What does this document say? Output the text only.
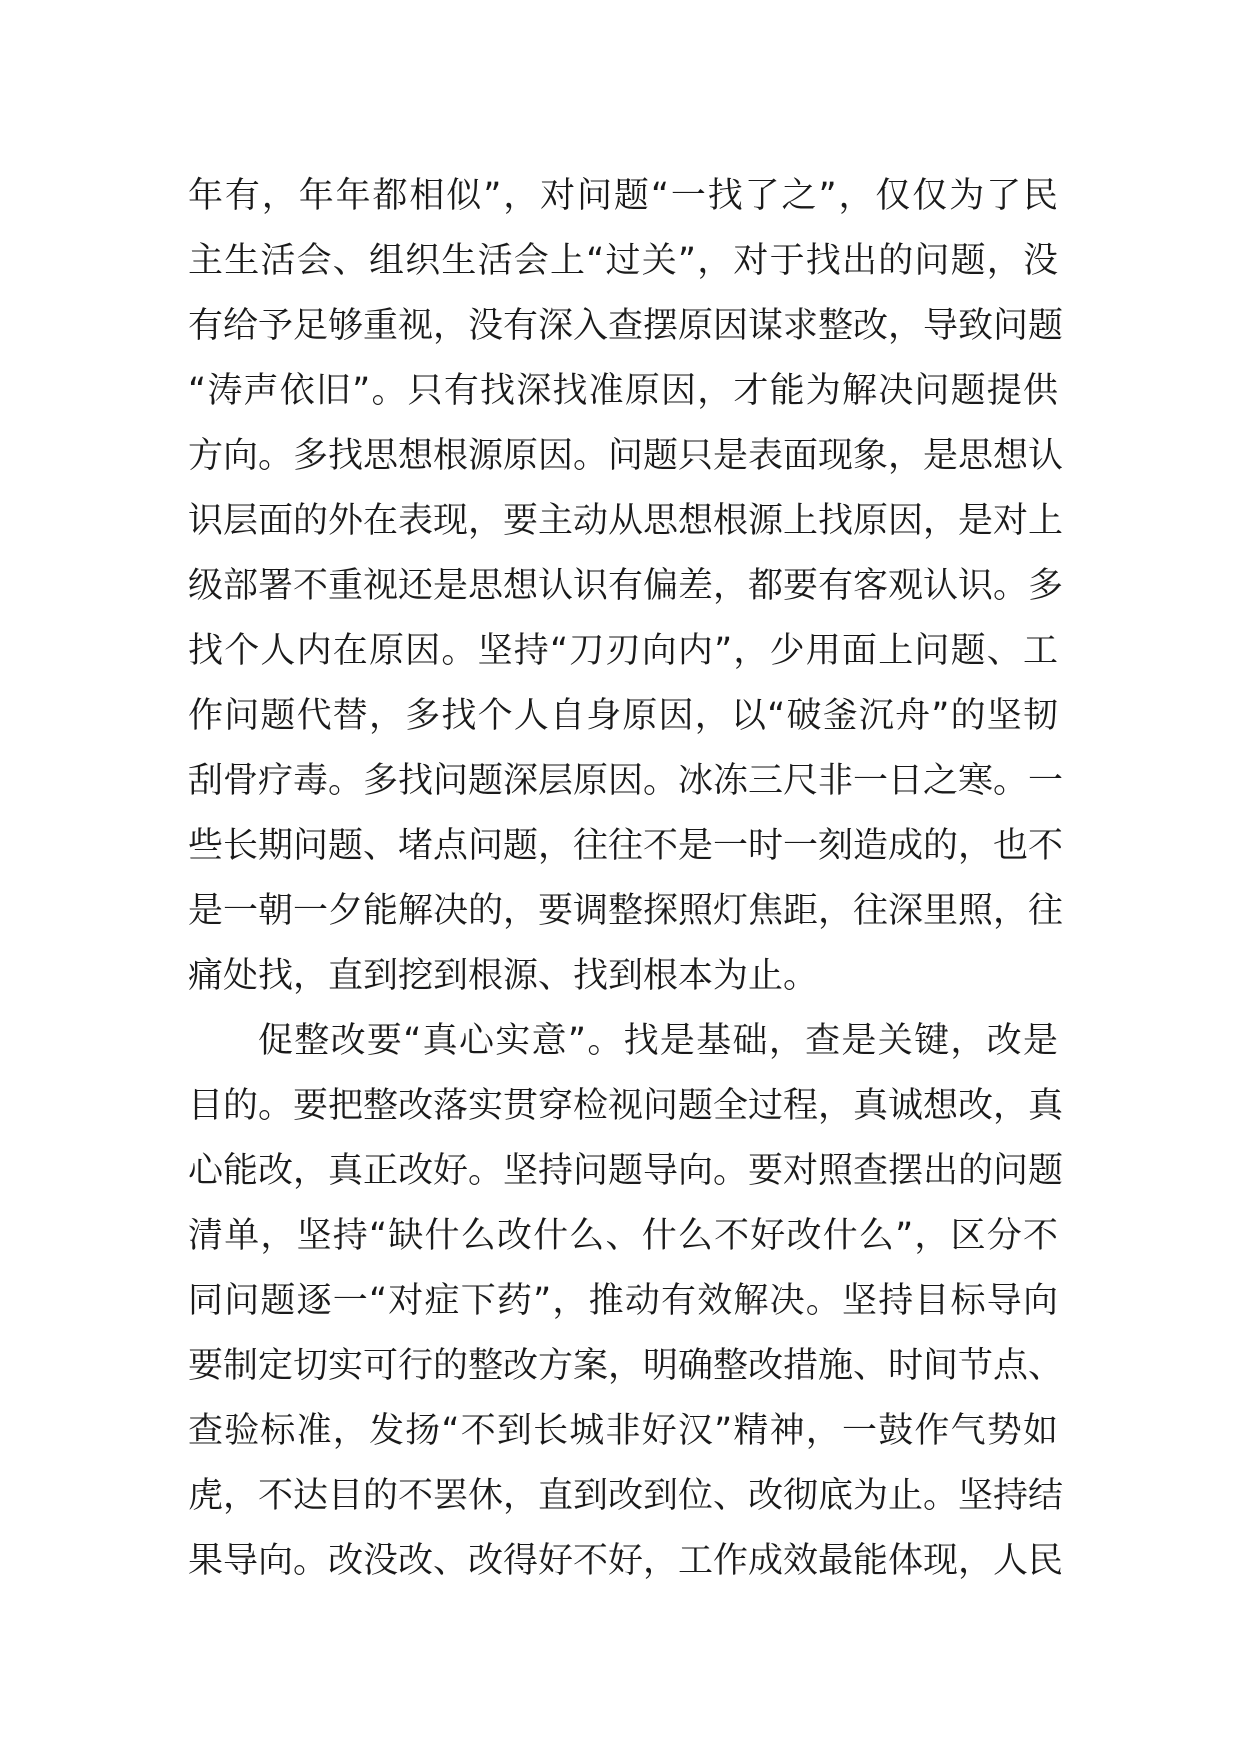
年有，年年都相似”，对问题“一找了之”，仅仅为了民
主生活会、组织生活会上“过关”，对于找出的问题，没
有给予足够重视，没有深入查摆原因谋求整改，导致问题
“涛声依旧”。只有找深找准原因，才能为解决问题提供
方向。多找思想根源原因。问题只是表面现象，是思想认
识层面的外在表现，要主动从思想根源上找原因，是对上
级部署不重视还是思想认识有偏差，都要有客观认识。多
找个人内在原因。坚持“刀刃向内”，少用面上问题、工
作问题代替，多找个人自身原因，以“破釜沉舟”的坚韧
刮骨疗毒。多找问题深层原因。冰冻三尺非一日之寒。一
些长期问题、堵点问题，往往不是一时一刻造成的，也不
是一朝一夕能解决的，要调整探照灯焦距，往深里照，往
痛处找，直到挖到根源、找到根本为止。
促整改要“真心实意”。找是基础，查是关键，改是
目的。要把整改落实贯穿检视问题全过程，真诚想改，真
心能改，真正改好。坚持问题导向。要对照查摆出的问题
清单，坚持“缺什么改什么、什么不好改什么”，区分不
同问题逐一“对症下药”，推动有效解决。坚持目标导向
要制定切实可行的整改方案，明确整改措施、时间节点、
查验标准，发扬“不到长城非好汉”精神，一鼓作气势如
虎，不达目的不罢休，直到改到位、改彻底为止。坚持结
果导向。改没改、改得好不好，工作成效最能体现，人民
